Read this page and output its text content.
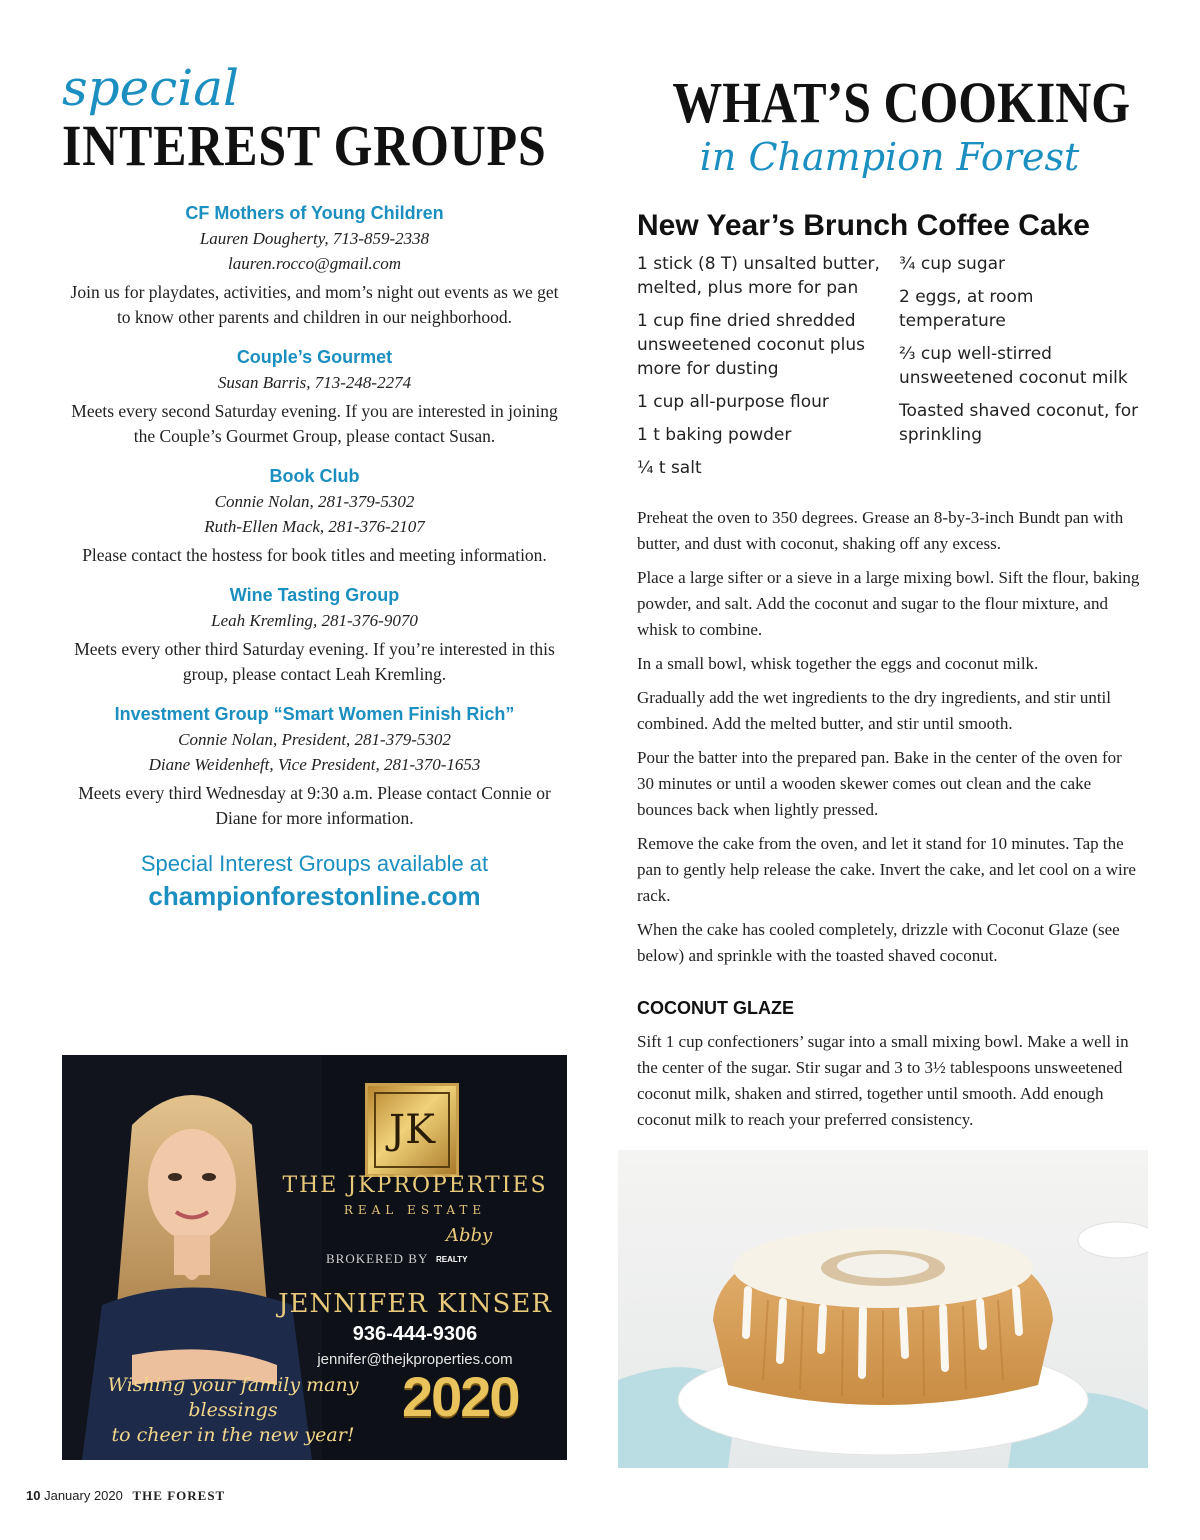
special
INTEREST GROUPS
CF Mothers of Young Children
Lauren Dougherty, 713-859-2338
lauren.rocco@gmail.com
Join us for playdates, activities, and mom’s night out events as we get to know other parents and children in our neighborhood.
Couple’s Gourmet
Susan Barris, 713-248-2274
Meets every second Saturday evening. If you are interested in joining the Couple’s Gourmet Group, please contact Susan.
Book Club
Connie Nolan, 281-379-5302
Ruth-Ellen Mack, 281-376-2107
Please contact the hostess for book titles and meeting information.
Wine Tasting Group
Leah Kremling, 281-376-9070
Meets every other third Saturday evening. If you’re interested in this group, please contact Leah Kremling.
Investment Group “Smart Women Finish Rich”
Connie Nolan, President, 281-379-5302
Diane Weidenheft, Vice President, 281-370-1653
Meets every third Wednesday at 9:30 a.m. Please contact Connie or Diane for more information.
Special Interest Groups available at
championforestonline.com
JK
THE JKPROPERTIES
REAL ESTATE
Abby
BROKERED BY REALTY
JENNIFER KINSER
936-444-9306
jennifer@thejkproperties.com
Wishing your family many blessings
to cheer in the new year!
2020
10 January 2020 THE FOREST
WHAT’S COOKING
in Champion Forest
New Year’s Brunch Coffee Cake
1 stick (8 T) unsalted butter, melted, plus more for pan
1 cup fine dried shredded unsweetened coconut plus more for dusting
1 cup all-purpose flour
1 t baking powder
¼ t salt
¾ cup sugar
2 eggs, at room temperature
⅔ cup well-stirred unsweetened coconut milk
Toasted shaved coconut, for sprinkling

Preheat the oven to 350 degrees. Grease an 8-by-3-inch Bundt pan with butter, and dust with coconut, shaking off any excess.

Place a large sifter or a sieve in a large mixing bowl. Sift the flour, baking powder, and salt. Add the coconut and sugar to the flour mixture, and whisk to combine.

In a small bowl, whisk together the eggs and coconut milk.

Gradually add the wet ingredients to the dry ingredients, and stir until combined. Add the melted butter, and stir until smooth.

Pour the batter into the prepared pan. Bake in the center of the oven for 30 minutes or until a wooden skewer comes out clean and the cake bounces back when lightly pressed.

Remove the cake from the oven, and let it stand for 10 minutes. Tap the pan to gently help release the cake. Invert the cake, and let cool on a wire rack.

When the cake has cooled completely, drizzle with Coconut Glaze (see below) and sprinkle with the toasted shaved coconut.

COCONUT GLAZE

Sift 1 cup confectioners’ sugar into a small mixing bowl. Make a well in the center of the sugar. Stir sugar and 3 to 3½ tablespoons unsweetened coconut milk, shaken and stirred, together until smooth. Add enough coconut milk to reach your preferred consistency.
